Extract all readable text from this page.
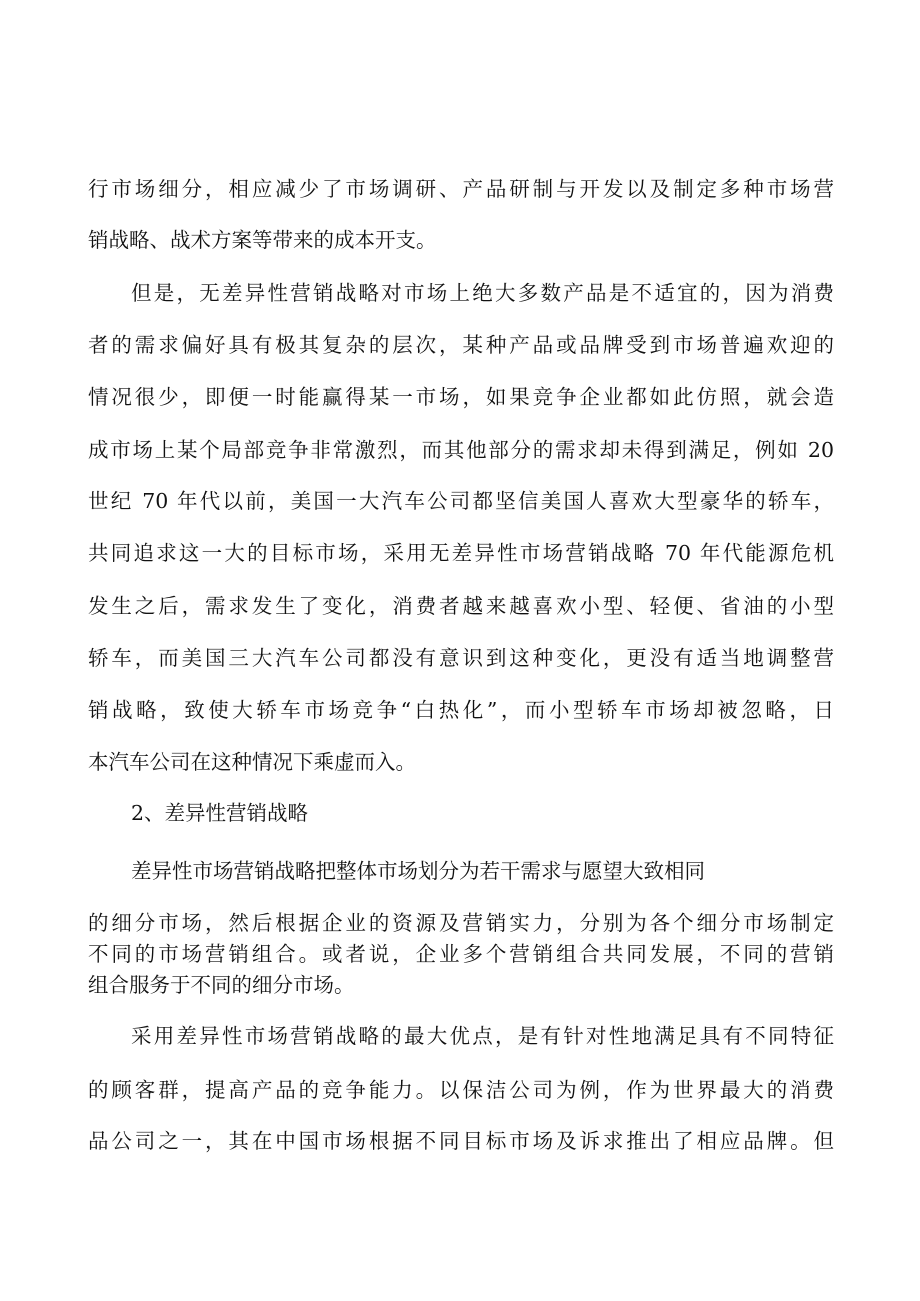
行市场细分，相应减少了市场调研、产品研制与开发以及制定多种市场营
销战略、战术方案等带来的成本开支。
但是，无差异性营销战略对市场上绝大多数产品是不适宜的，因为消费
者的需求偏好具有极其复杂的层次，某种产品或品牌受到市场普遍欢迎的
情况很少，即便一时能赢得某一市场，如果竞争企业都如此仿照，就会造
成市场上某个局部竞争非常激烈，而其他部分的需求却未得到满足，例如 20
世纪 70 年代以前，美国一大汽车公司都坚信美国人喜欢大型豪华的轿车，
共同追求这一大的目标市场，采用无差异性市场营销战略 70 年代能源危机
发生之后，需求发生了变化，消费者越来越喜欢小型、轻便、省油的小型
轿车，而美国三大汽车公司都没有意识到这种变化，更没有适当地调整营
销战略，致使大轿车市场竞争“白热化”，而小型轿车市场却被忽略，日
本汽车公司在这种情况下乘虚而入。
2、差异性营销战略
差异性市场营销战略把整体市场划分为若干需求与愿望大致相同
的细分市场，然后根据企业的资源及营销实力，分别为各个细分市场制定
不同的市场营销组合。或者说，企业多个营销组合共同发展，不同的营销
组合服务于不同的细分市场。
采用差异性市场营销战略的最大优点，是有针对性地满足具有不同特征
的顾客群，提高产品的竞争能力。以保洁公司为例，作为世界最大的消费
品公司之一，其在中国市场根据不同目标市场及诉求推出了相应品牌。但
